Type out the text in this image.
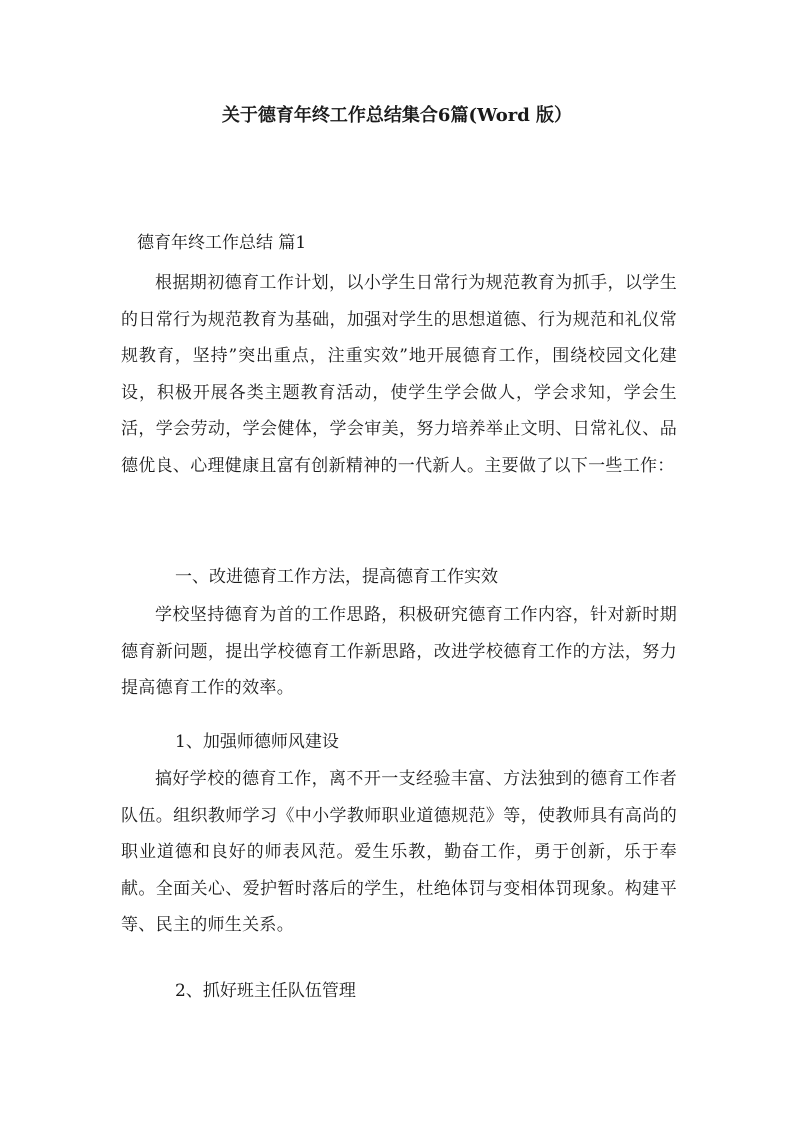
关于德育年终工作总结集合6篇(Word 版）
德育年终工作总结 篇1

根据期初德育工作计划，以小学生日常行为规范教育为抓手，以学生的日常行为规范教育为基础，加强对学生的思想道德、行为规范和礼仪常规教育，坚持”突出重点，注重实效”地开展德育工作，围绕校园文化建设，积极开展各类主题教育活动，使学生学会做人，学会求知，学会生活，学会劳动，学会健体，学会审美，努力培养举止文明、日常礼仪、品德优良、心理健康且富有创新精神的一代新人。主要做了以下一些工作：

一、改进德育工作方法，提高德育工作实效

学校坚持德育为首的工作思路，积极研究德育工作内容，针对新时期德育新问题，提出学校德育工作新思路，改进学校德育工作的方法，努力提高德育工作的效率。

1、加强师德师风建设

搞好学校的德育工作，离不开一支经验丰富、方法独到的德育工作者队伍。组织教师学习《中小学教师职业道德规范》等，使教师具有高尚的职业道德和良好的师表风范。爱生乐教，勤奋工作，勇于创新，乐于奉献。全面关心、爱护暂时落后的学生，杜绝体罚与变相体罚现象。构建平等、民主的师生关系。

2、抓好班主任队伍管理
